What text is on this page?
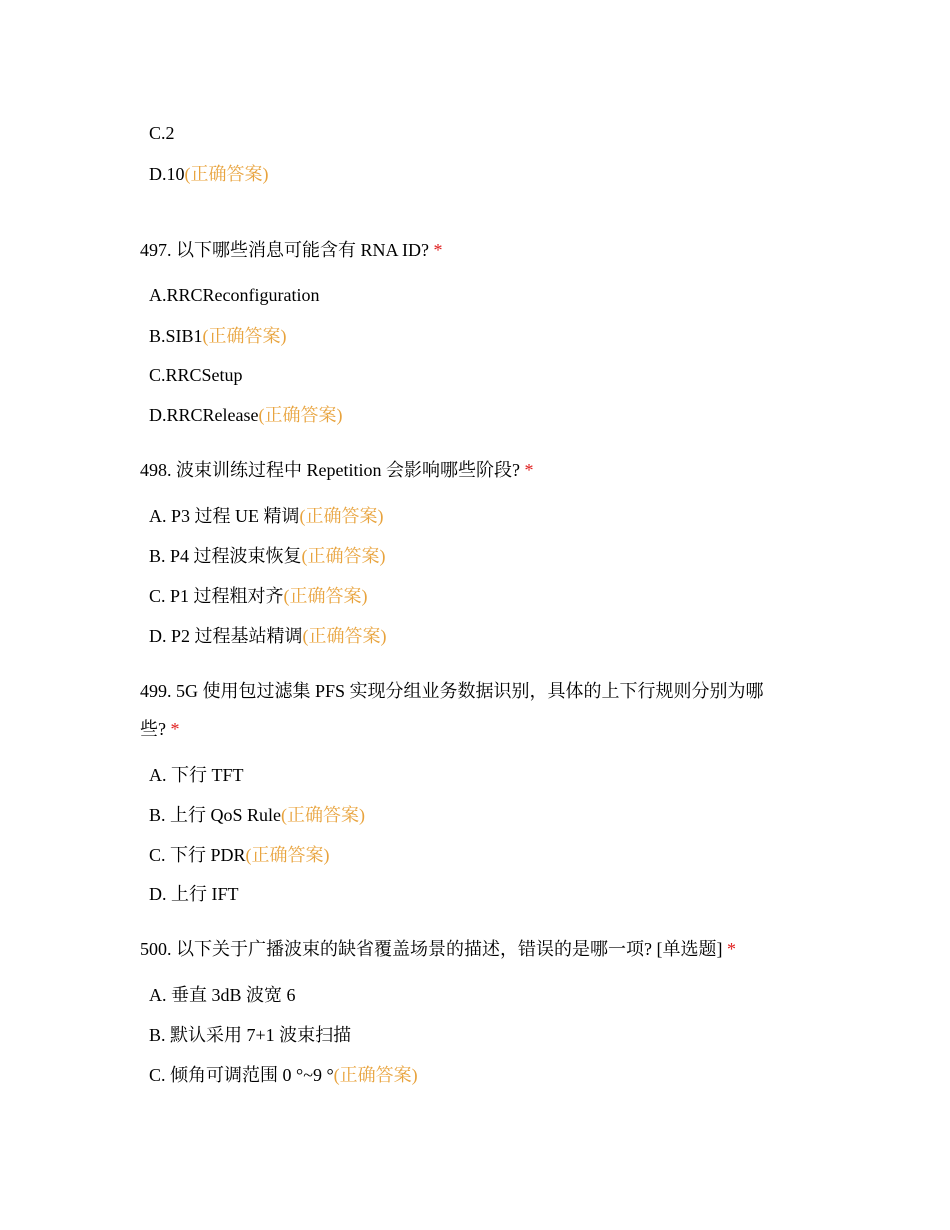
C.2
D.10(正确答案)
497. 以下哪些消息可能含有 RNA ID? *
A.RRCReconfiguration
B.SIB1(正确答案)
C.RRCSetup
D.RRCRelease(正确答案)
498. 波束训练过程中 Repetition 会影响哪些阶段? *
A. P3 过程 UE 精调(正确答案)
B. P4 过程波束恢复(正确答案)
C. P1 过程粗对齐(正确答案)
D. P2 过程基站精调(正确答案)
499. 5G 使用包过滤集 PFS 实现分组业务数据识别，具体的上下行规则分别为哪
些? *
A. 下行 TFT
B. 上行 QoS Rule(正确答案)
C. 下行 PDR(正确答案)
D. 上行 IFT
500. 以下关于广播波束的缺省覆盖场景的描述，错误的是哪一项? [单选题] *
A. 垂直 3dB 波宽 6
B. 默认采用 7+1 波束扫描
C. 倾角可调范围 0 °~9 °(正确答案)
